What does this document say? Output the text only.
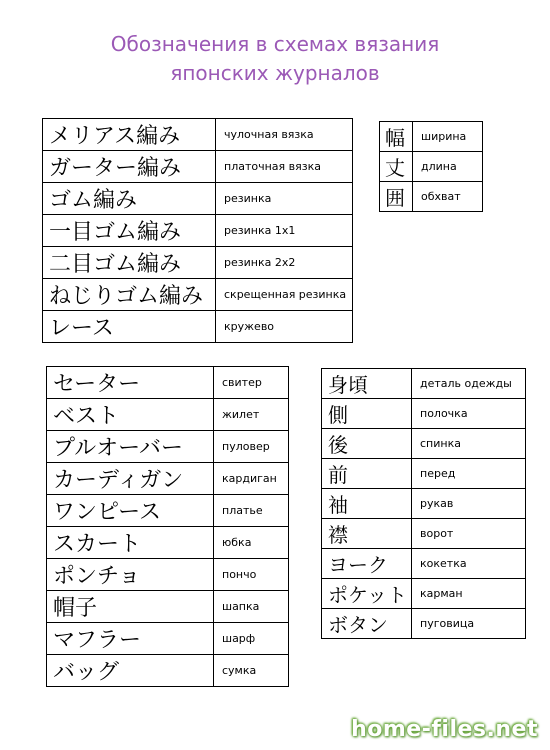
Обозначения в схемах вязания
японских журналов
メリアス編み	чулочная вязка
ガーター編み	платочная вязка
ゴム編み	резинка
一目ゴム編み	резинка 1х1
二目ゴム編み	резинка 2х2
ねじりゴム編み	скрещенная резинка
レース	кружево
幅	ширина
丈	длина
囲	обхват
セーター	свитер
ベスト	жилет
プルオーバー	пуловер
カーディガン	кардиган
ワンピース	платье
スカート	юбка
ポンチョ	пончо
帽子	шапка
マフラー	шарф
バッグ	сумка
身頃	деталь одежды
側	полочка
後	спинка
前	перед
袖	рукав
襟	ворот
ヨーク	кокетка
ポケット	карман
ボタン	пуговица
home-files.net
